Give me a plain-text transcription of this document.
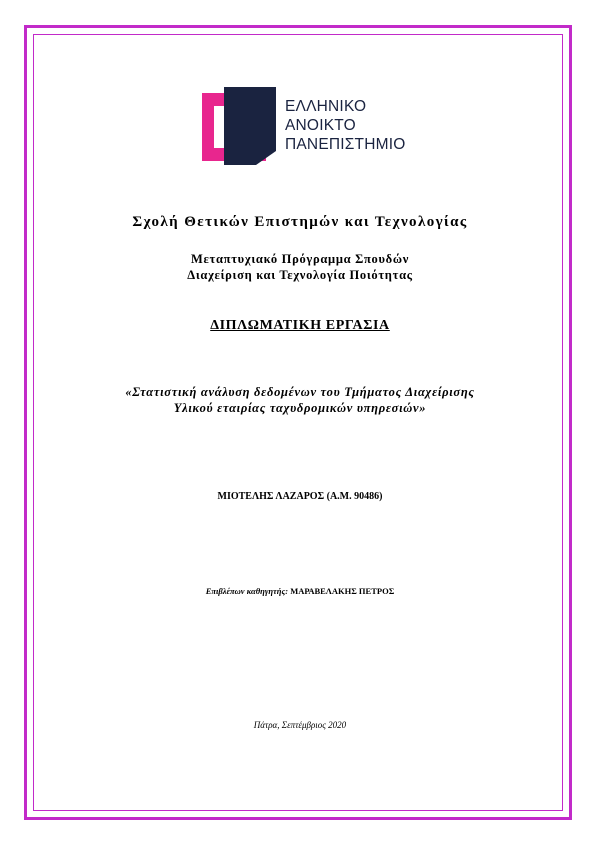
ΕΛΛΗΝΙΚΟ
ΑΝΟΙΚΤΟ
ΠΑΝΕΠΙΣΤΗΜΙΟ
Σχολή Θετικών Επιστημών και Τεχνολογίας
Μεταπτυχιακό Πρόγραμμα Σπουδών
Διαχείριση και Τεχνολογία Ποιότητας
ΔΙΠΛΩΜΑΤΙΚΗ ΕΡΓΑΣΙΑ
«Στατιστική ανάλυση δεδομένων του Τμήματος Διαχείρισης
Υλικού εταιρίας ταχυδρομικών υπηρεσιών»
ΜΙΟΤΕΛΗΣ ΛΑΖΑΡΟΣ (Α.Μ. 90486)
Επιβλέπων καθηγητής: ΜΑΡΑΒΕΛΑΚΗΣ ΠΕΤΡΟΣ
Πάτρα, Σεπτέμβριος 2020
